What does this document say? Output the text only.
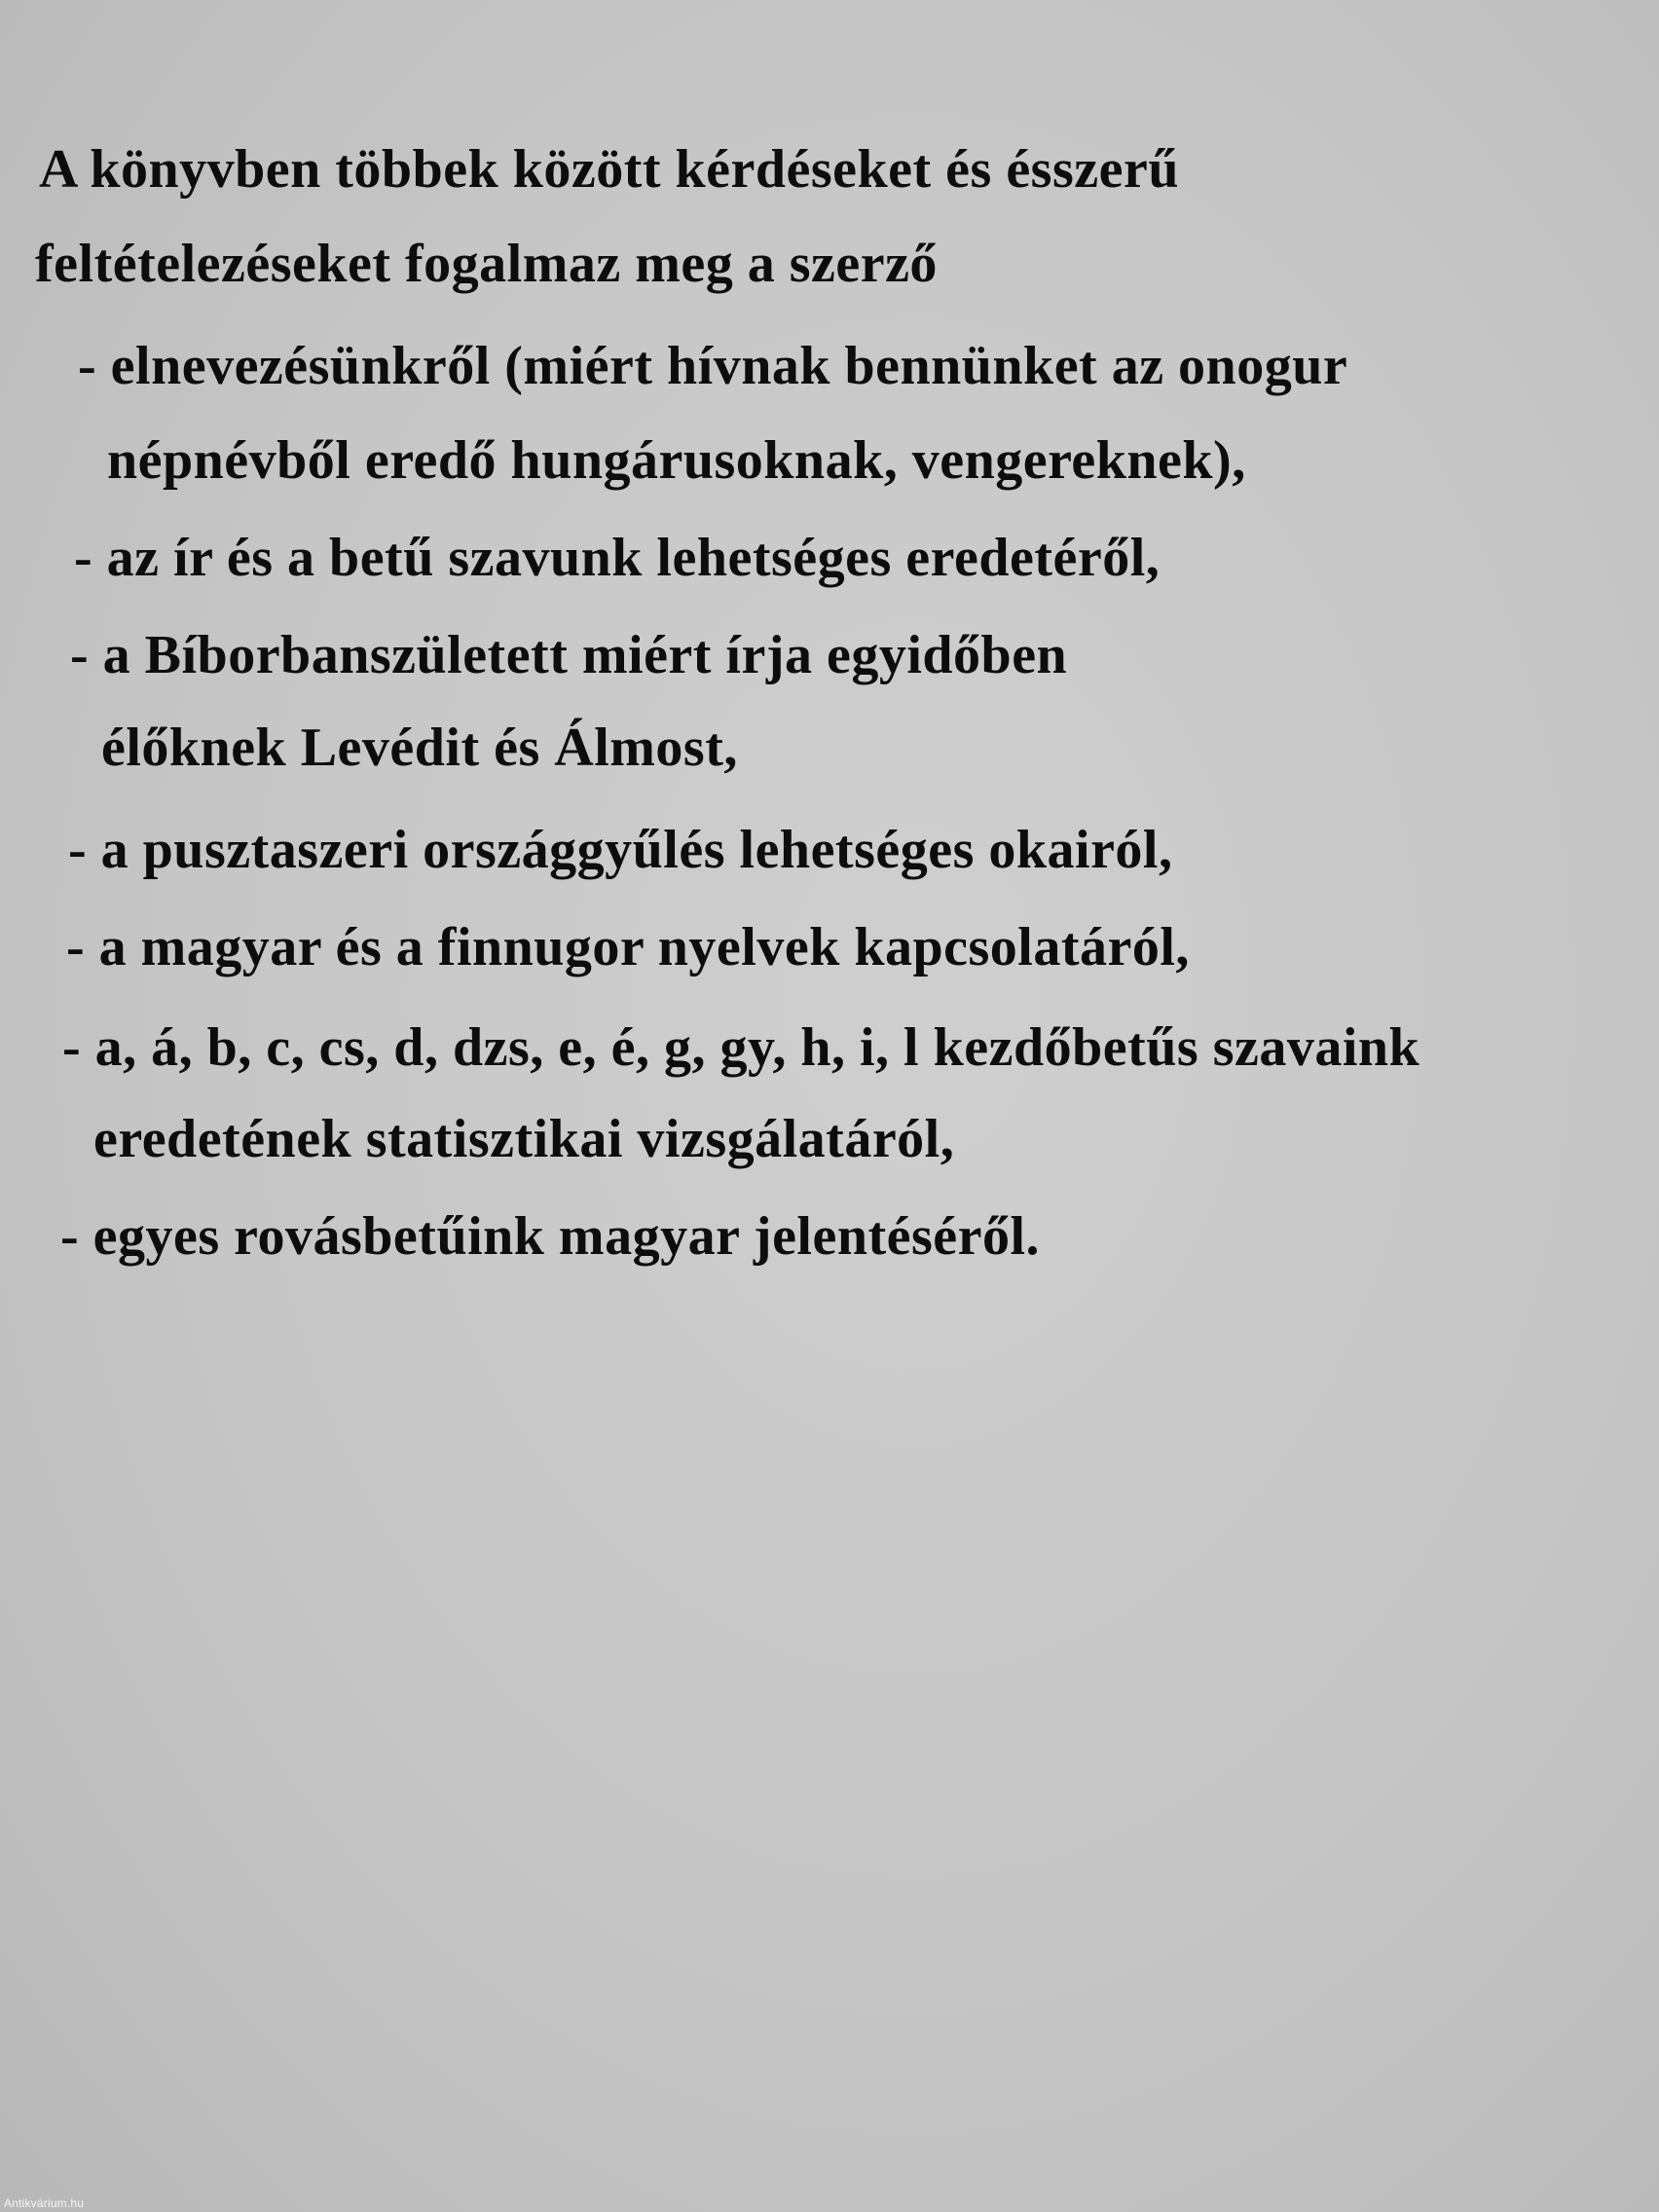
A könyvben többek között kérdéseket és ésszerű
feltételezéseket fogalmaz meg a szerző
- elnevezésünkről (miért hívnak bennünket az onogur
népnévből eredő hungárusoknak, vengereknek),
- az ír és a betű szavunk lehetséges eredetéről,
- a Bíborbanszületett miért írja egyidőben
élőknek Levédit és Álmost,
- a pusztaszeri országgyűlés lehetséges okairól,
- a magyar és a finnugor nyelvek kapcsolatáról,
- a, á, b, c, cs, d, dzs, e, é, g, gy, h, i, l kezdőbetűs szavaink
eredetének statisztikai vizsgálatáról,
- egyes rovásbetűink magyar jelentéséről.
Antikvárium.hu
